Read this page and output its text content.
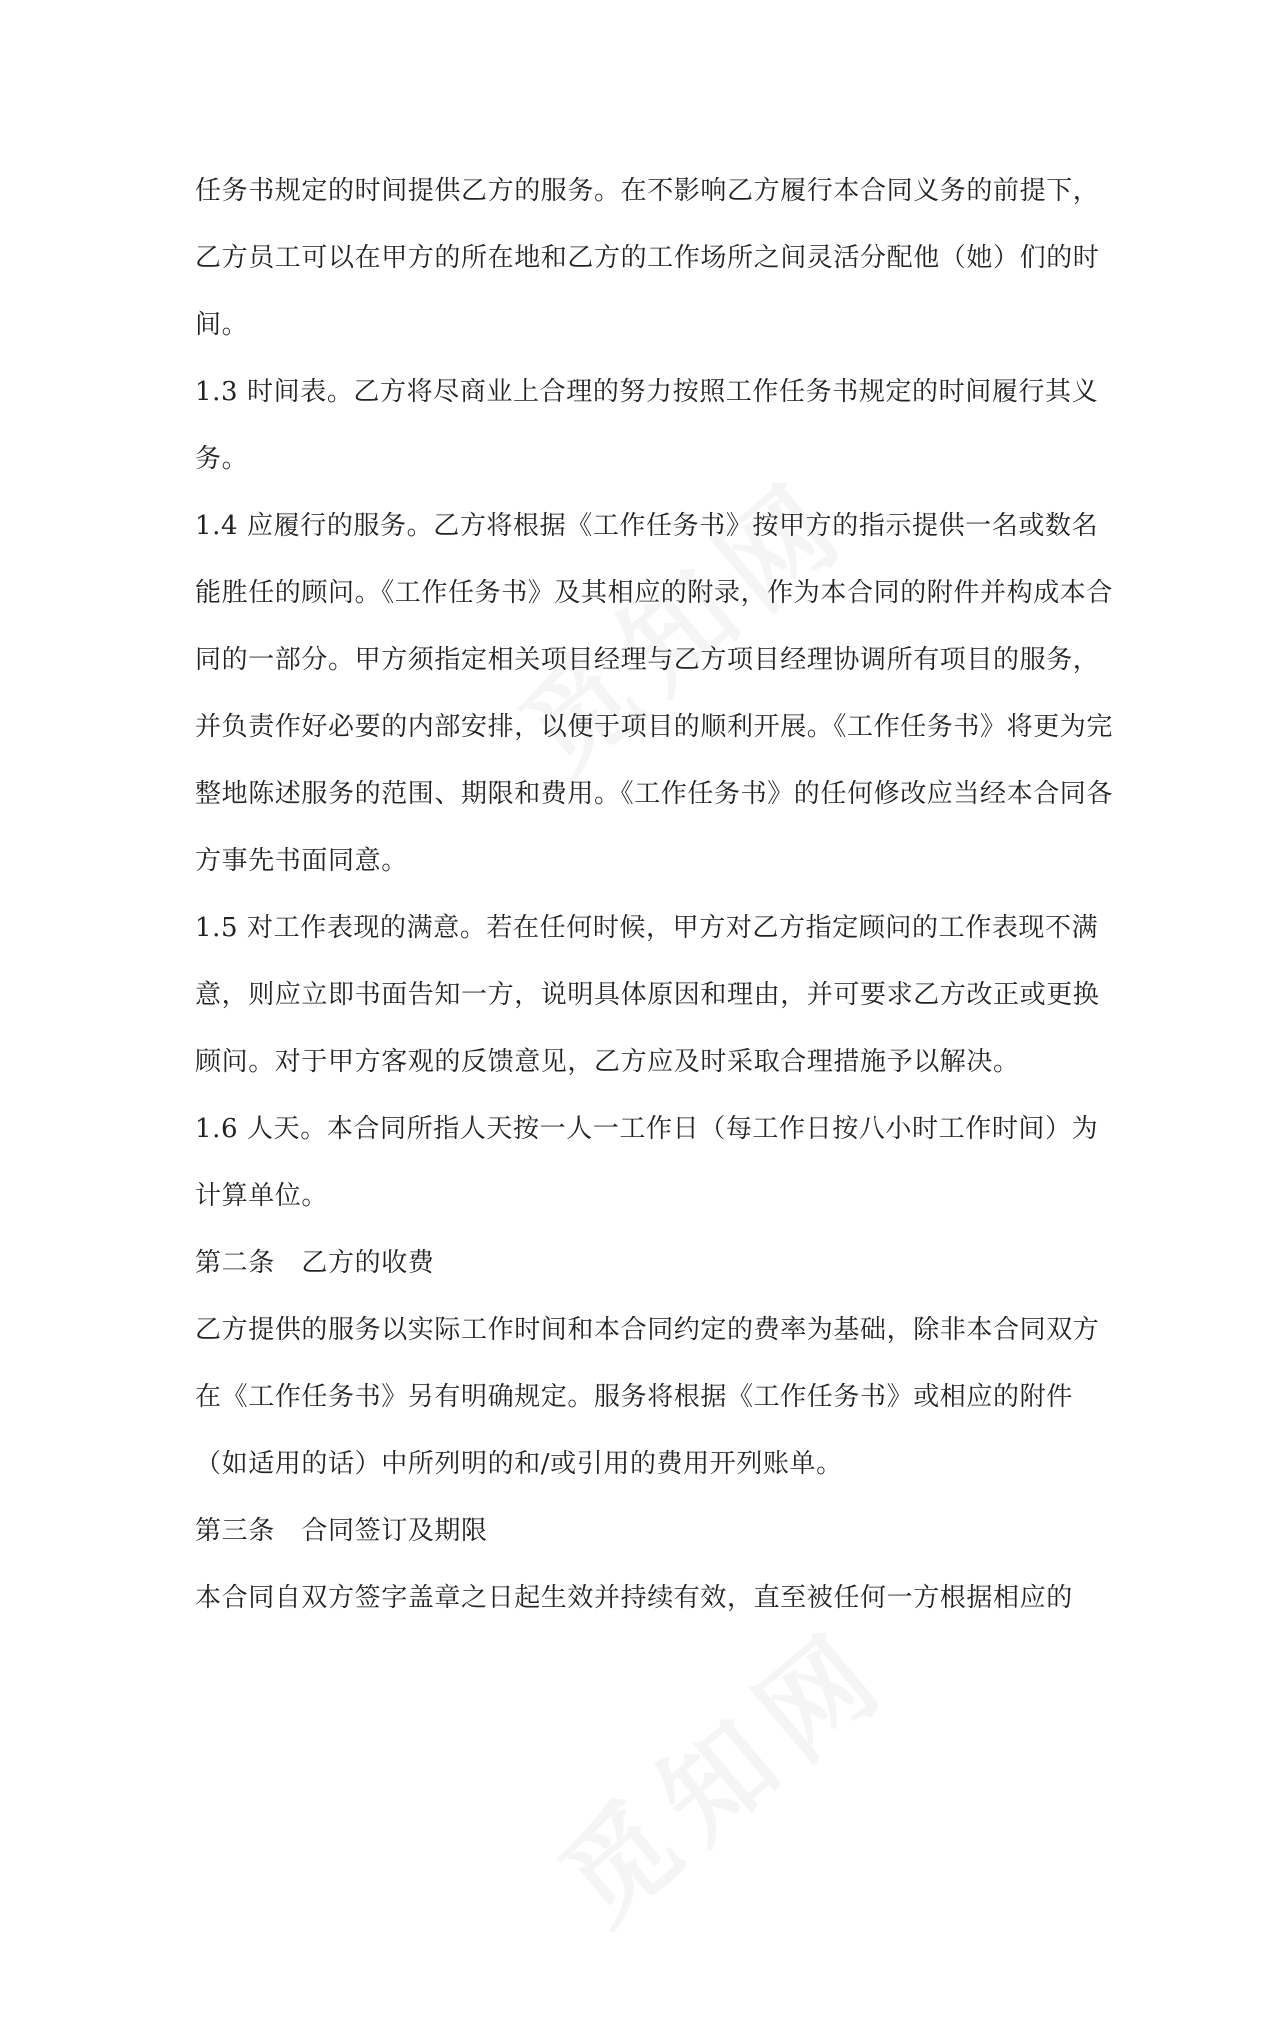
任务书规定的时间提供乙方的服务。在不影响乙方履行本合同义务的前提下，
乙方员工可以在甲方的所在地和乙方的工作场所之间灵活分配他（她）们的时
间。
1.3 时间表。乙方将尽商业上合理的努力按照工作任务书规定的时间履行其义
务。
1.4 应履行的服务。乙方将根据《工作任务书》按甲方的指示提供一名或数名
能胜任的顾问。《工作任务书》及其相应的附录，作为本合同的附件并构成本合
同的一部分。甲方须指定相关项目经理与乙方项目经理协调所有项目的服务，
并负责作好必要的内部安排，以便于项目的顺利开展。《工作任务书》将更为完
整地陈述服务的范围、期限和费用。《工作任务书》的任何修改应当经本合同各
方事先书面同意。
1.5 对工作表现的满意。若在任何时候，甲方对乙方指定顾问的工作表现不满
意，则应立即书面告知一方，说明具体原因和理由，并可要求乙方改正或更换
顾问。对于甲方客观的反馈意见，乙方应及时采取合理措施予以解决。
1.6 人天。本合同所指人天按一人一工作日（每工作日按八小时工作时间）为
计算单位。
第二条　乙方的收费
乙方提供的服务以实际工作时间和本合同约定的费率为基础，除非本合同双方
在《工作任务书》另有明确规定。服务将根据《工作任务书》或相应的附件
（如适用的话）中所列明的和/或引用的费用开列账单。
第三条　合同签订及期限
本合同自双方签字盖章之日起生效并持续有效，直至被任何一方根据相应的
